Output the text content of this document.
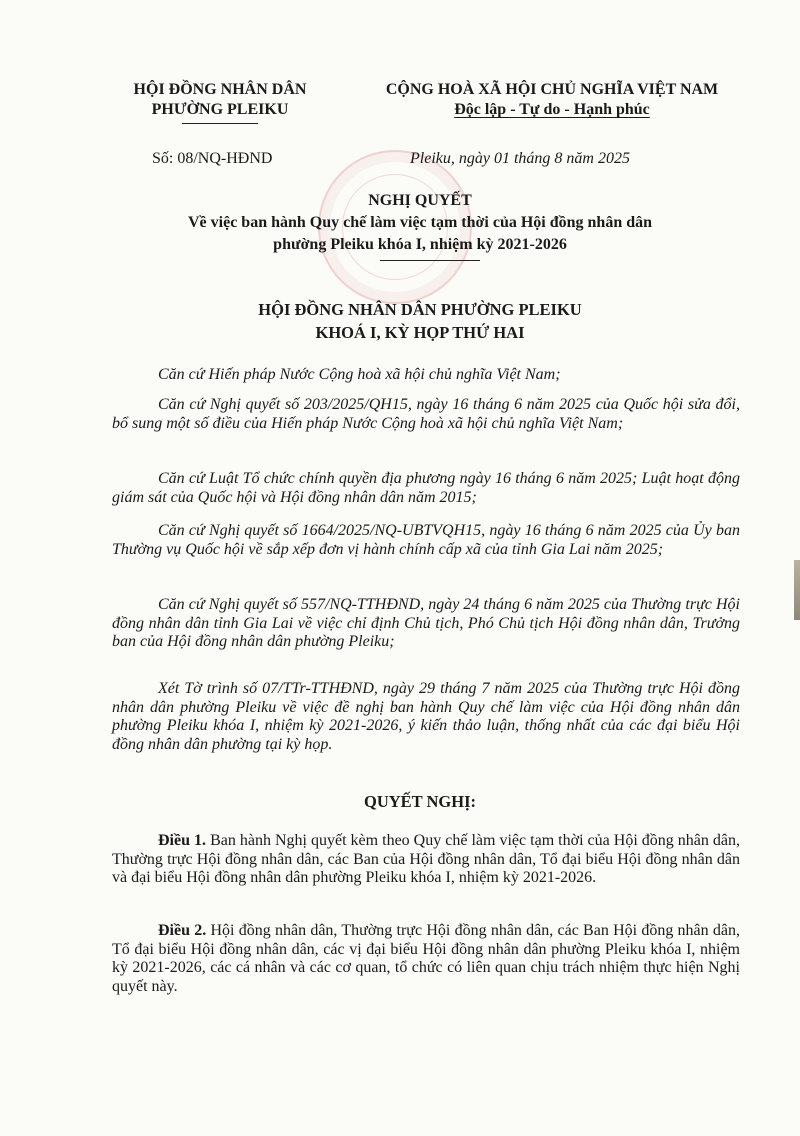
HỘI ĐỒNG NHÂN DÂN
PHƯỜNG PLEIKU
CỘNG HOÀ XÃ HỘI CHỦ NGHĨA VIỆT NAM
Độc lập - Tự do - Hạnh phúc
Số: 08/NQ-HĐND	Pleiku, ngày 01 tháng 8 năm 2025
NGHỊ QUYẾT
Về việc ban hành Quy chế làm việc tạm thời của Hội đồng nhân dân
phường Pleiku khóa I, nhiệm kỳ 2021-2026
HỘI ĐỒNG NHÂN DÂN PHƯỜNG PLEIKU
KHOÁ I, KỲ HỌP THỨ HAI
Căn cứ Hiến pháp Nước Cộng hoà xã hội chủ nghĩa Việt Nam;
Căn cứ Nghị quyết số 203/2025/QH15, ngày 16 tháng 6 năm 2025 của Quốc hội sửa đổi, bổ sung một số điều của Hiến pháp Nước Cộng hoà xã hội chủ nghĩa Việt Nam;
Căn cứ Luật Tổ chức chính quyền địa phương ngày 16 tháng 6 năm 2025; Luật hoạt động giám sát của Quốc hội và Hội đồng nhân dân năm 2015;
Căn cứ Nghị quyết số 1664/2025/NQ-UBTVQH15, ngày 16 tháng 6 năm 2025 của Ủy ban Thường vụ Quốc hội về sắp xếp đơn vị hành chính cấp xã của tỉnh Gia Lai năm 2025;
Căn cứ Nghị quyết số 557/NQ-TTHĐND, ngày 24 tháng 6 năm 2025 của Thường trực Hội đồng nhân dân tỉnh Gia Lai về việc chỉ định Chủ tịch, Phó Chủ tịch Hội đồng nhân dân, Trưởng ban của Hội đồng nhân dân phường Pleiku;
Xét Tờ trình số 07/TTr-TTHĐND, ngày 29 tháng 7 năm 2025 của Thường trực Hội đồng nhân dân phường Pleiku về việc đề nghị ban hành Quy chế làm việc của Hội đồng nhân dân phường Pleiku khóa I, nhiệm kỳ 2021-2026, ý kiến thảo luận, thống nhất của các đại biểu Hội đồng nhân dân phường tại kỳ họp.
QUYẾT NGHỊ:
Điều 1. Ban hành Nghị quyết kèm theo Quy chế làm việc tạm thời của Hội đồng nhân dân, Thường trực Hội đồng nhân dân, các Ban của Hội đồng nhân dân, Tổ đại biểu Hội đồng nhân dân và đại biểu Hội đồng nhân dân phường Pleiku khóa I, nhiệm kỳ 2021-2026.
Điều 2. Hội đồng nhân dân, Thường trực Hội đồng nhân dân, các Ban Hội đồng nhân dân, Tổ đại biểu Hội đồng nhân dân, các vị đại biểu Hội đồng nhân dân phường Pleiku khóa I, nhiệm kỳ 2021-2026, các cá nhân và các cơ quan, tổ chức có liên quan chịu trách nhiệm thực hiện Nghị quyết này.
